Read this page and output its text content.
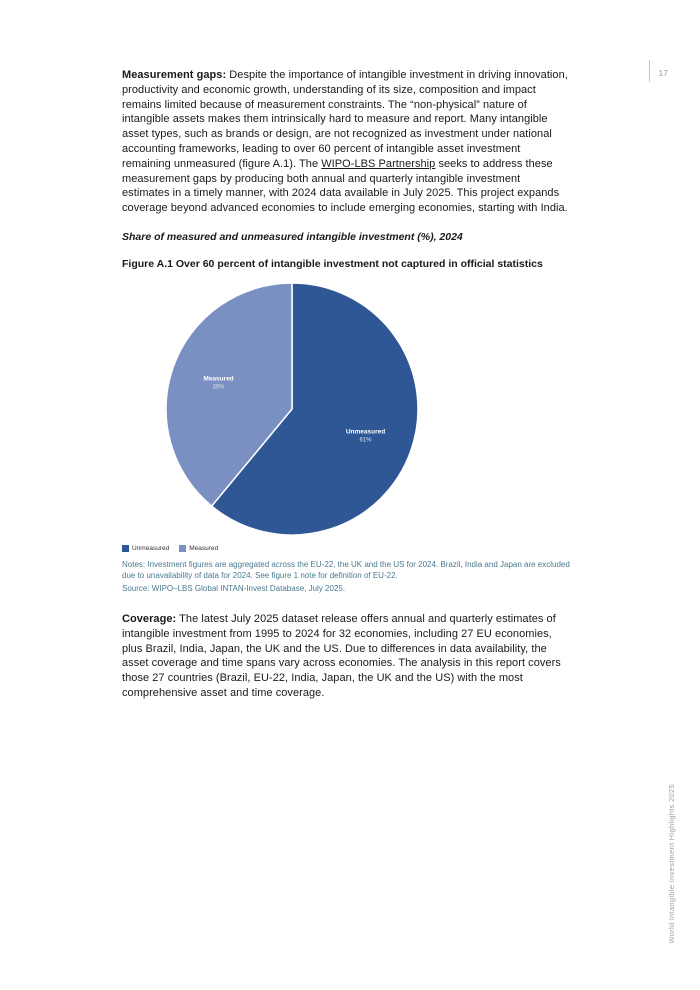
17

Measurement gaps: Despite the importance of intangible investment in driving innovation, productivity and economic growth, understanding of its size, composition and impact remains limited because of measurement constraints. The “non-physical” nature of intangible assets makes them intrinsically hard to measure and report. Many intangible asset types, such as brands or design, are not recognized as investment under national accounting frameworks, leading to over 60 percent of intangible asset investment remaining unmeasured (figure A.1). The WIPO-LBS Partnership seeks to address these measurement gaps by producing both annual and quarterly intangible investment estimates in a timely manner, with 2024 data available in July 2025. This project expands coverage beyond advanced economies to include emerging economies, starting with India.

Share of measured and unmeasured intangible investment (%), 2024

Figure A.1 Over 60 percent of intangible investment not captured in official statistics

Unmeasured
61%
Measured
39%
Unmeasured	Measured

Notes: Investment figures are aggregated across the EU-22, the UK and the US for 2024. Brazil, India and Japan are excluded due to unavailability of data for 2024. See figure 1 note for definition of EU-22.

Source: WIPO–LBS Global INTAN-Invest Database, July 2025.

Coverage: The latest July 2025 dataset release offers annual and quarterly estimates of intangible investment from 1995 to 2024 for 32 economies, including 27 EU economies, plus Brazil, India, Japan, the UK and the US. Due to differences in data availability, the asset coverage and time spans vary across economies. The analysis in this report covers those 27 countries (Brazil, EU-22, India, Japan, the UK and the US) with the most comprehensive asset and time coverage.

World Intangible Investment Highlights 2025
